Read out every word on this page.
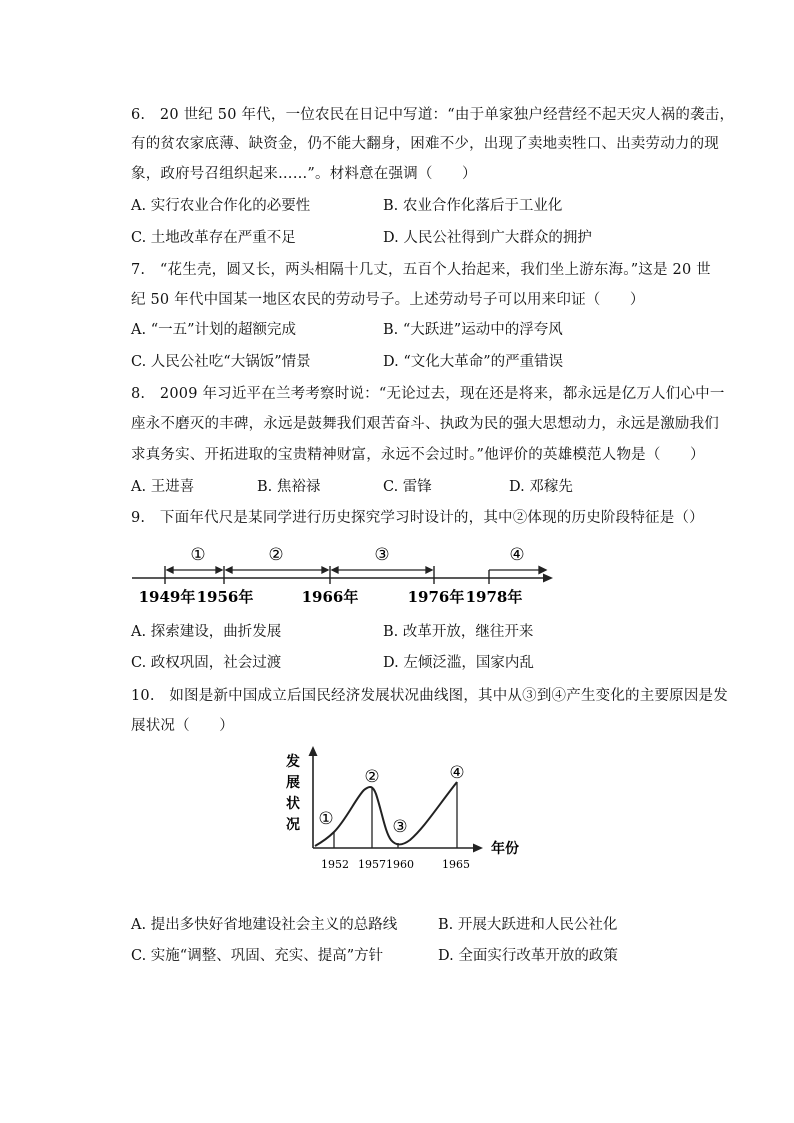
6.　20 世纪 50 年代，一位农民在日记中写道：“由于单家独户经营经不起天灾人祸的袭击，
有的贫农家底薄、缺资金，仍不能大翻身，困难不少，出现了卖地卖牲口、出卖劳动力的现
象，政府号召组织起来……”。材料意在强调（　　）
A. 实行农业合作化的必要性	B. 农业合作化落后于工业化
C. 土地改革存在严重不足	D. 人民公社得到广大群众的拥护
7.　“花生壳，圆又长，两头相隔十几丈，五百个人抬起来，我们坐上游东海。”这是 20 世
纪 50 年代中国某一地区农民的劳动号子。上述劳动号子可以用来印证（　　）
A. “一五”计划的超额完成	B. “大跃进”运动中的浮夸风
C. 人民公社吃“大锅饭”情景	D. “文化大革命”的严重错误
8.　2009 年习近平在兰考考察时说：“无论过去，现在还是将来，都永远是亿万人们心中一
座永不磨灭的丰碑，永远是鼓舞我们艰苦奋斗、执政为民的强大思想动力，永远是激励我们
求真务实、开拓进取的宝贵精神财富，永远不会过时。”他评价的英雄模范人物是（　　）
A. 王进喜	B. 焦裕禄	C. 雷锋	D. 邓稼先
9.　下面年代尺是某同学进行历史探究学习时设计的，其中②体现的历史阶段特征是（）
①	②	③	④
1949年 1956年	1966年	1976年 1978年
A. 探索建设，曲折发展	B. 改革开放，继往开来
C. 政权巩固，社会过渡	D. 左倾泛滥，国家内乱
10.　如图是新中国成立后国民经济发展状况曲线图，其中从③到④产生变化的主要原因是发
展状况（　　）
发
展
状
况
年份
①
②
③
④
1952 1957 1960	1965
A. 提出多快好省地建设社会主义的总路线	B. 开展大跃进和人民公社化
C. 实施“调整、巩固、充实、提高”方针	D. 全面实行改革开放的政策
